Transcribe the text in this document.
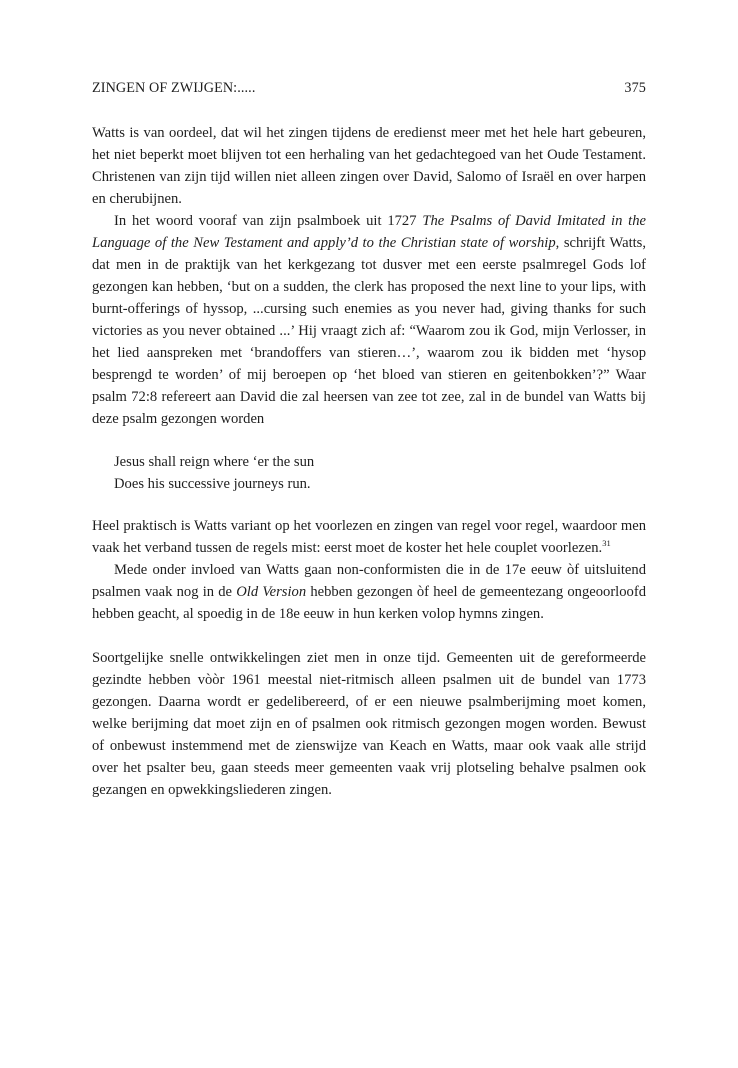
ZINGEN OF ZWIJGEN:.....	375

Watts is van oordeel, dat wil het zingen tijdens de eredienst meer met het hele hart gebeuren, het niet beperkt moet blijven tot een herhaling van het gedachtegoed van het Oude Testament. Christenen van zijn tijd willen niet alleen zingen over David, Salomo of Israël en over harpen en cherubijnen.

In het woord vooraf van zijn psalmboek uit 1727 The Psalms of David Imitated in the Language of the New Testament and apply’d to the Christian state of worship, schrijft Watts, dat men in de praktijk van het kerkgezang tot dusver met een eerste psalmregel Gods lof gezongen kan hebben, ‘but on a sudden, the clerk has proposed the next line to your lips, with burnt-offerings of hyssop, ...cursing such enemies as you never had, giving thanks for such victories as you never obtained ...’ Hij vraagt zich af: “Waarom zou ik God, mijn Verlosser, in het lied aanspreken met ‘brandoffers van stieren…’, waarom zou ik bidden met ‘hysop besprengd te worden’ of mij beroepen op ‘het bloed van stieren en geitenbokken’?” Waar psalm 72:8 refereert aan David die zal heersen van zee tot zee, zal in de bundel van Watts bij deze psalm gezongen worden

Jesus shall reign where ‘er the sun
Does his successive journeys run.

Heel praktisch is Watts variant op het voorlezen en zingen van regel voor regel, waardoor men vaak het verband tussen de regels mist: eerst moet de koster het hele couplet voorlezen.$^{31}$

Mede onder invloed van Watts gaan non-conformisten die in de 17e eeuw òf uitsluitend psalmen vaak nog in de Old Version hebben gezongen òf heel de gemeentezang ongeoorloofd hebben geacht, al spoedig in de 18e eeuw in hun kerken volop hymns zingen.

Soortgelijke snelle ontwikkelingen ziet men in onze tijd. Gemeenten uit de gereformeerde gezindte hebben vòòr 1961 meestal niet-ritmisch alleen psalmen uit de bundel van 1773 gezongen. Daarna wordt er gedelibereerd, of er een nieuwe psalmberijming moet komen, welke berijming dat moet zijn en of psalmen ook ritmisch gezongen mogen worden. Bewust of onbewust instemmend met de zienswijze van Keach en Watts, maar ook vaak alle strijd over het psalter beu, gaan steeds meer gemeenten vaak vrij plotseling behalve psalmen ook gezangen en opwekkingsliederen zingen.
